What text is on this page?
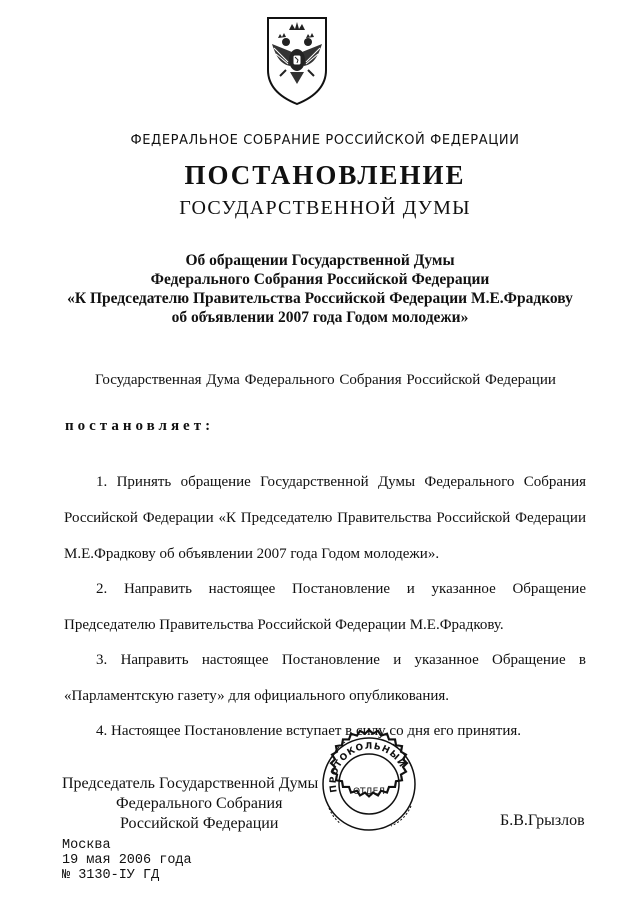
ФЕДЕРАЛЬНОЕ СОБРАНИЕ РОССИЙСКОЙ ФЕДЕРАЦИИ
ПОСТАНОВЛЕНИЕ
ГОСУДАРСТВЕННОЙ ДУМЫ
Об обращении Государственной Думы
Федерального Собрания Российской Федерации
«К Председателю Правительства Российской Федерации М.Е.Фрадкову
об объявлении 2007 года Годом молодежи»
Государственная Дума Федерального Собрания Российской Федерации
постановляет:
1. Принять обращение Государственной Думы Федерального Собрания Российской Федерации «К Председателю Правительства Российской Федерации М.Е.Фрадкову об объявлении 2007 года Годом молодежи».
2. Направить настоящее Постановление и указанное Обращение Председателю Правительства Российской Федерации М.Е.Фрадкову.
3. Направить настоящее Постановление и указанное Обращение в «Парламентскую газету» для официального опубликования.
4. Настоящее Постановление вступает в силу со дня его принятия.
Председатель Государственной Думы
Федерального Собрания
Российской Федерации	Б.В.Грызлов
ПРОТОКОЛЬНЫЙ
ОТДЕЛ
Москва
19 мая 2006 года
№ 3130-IУ ГД
